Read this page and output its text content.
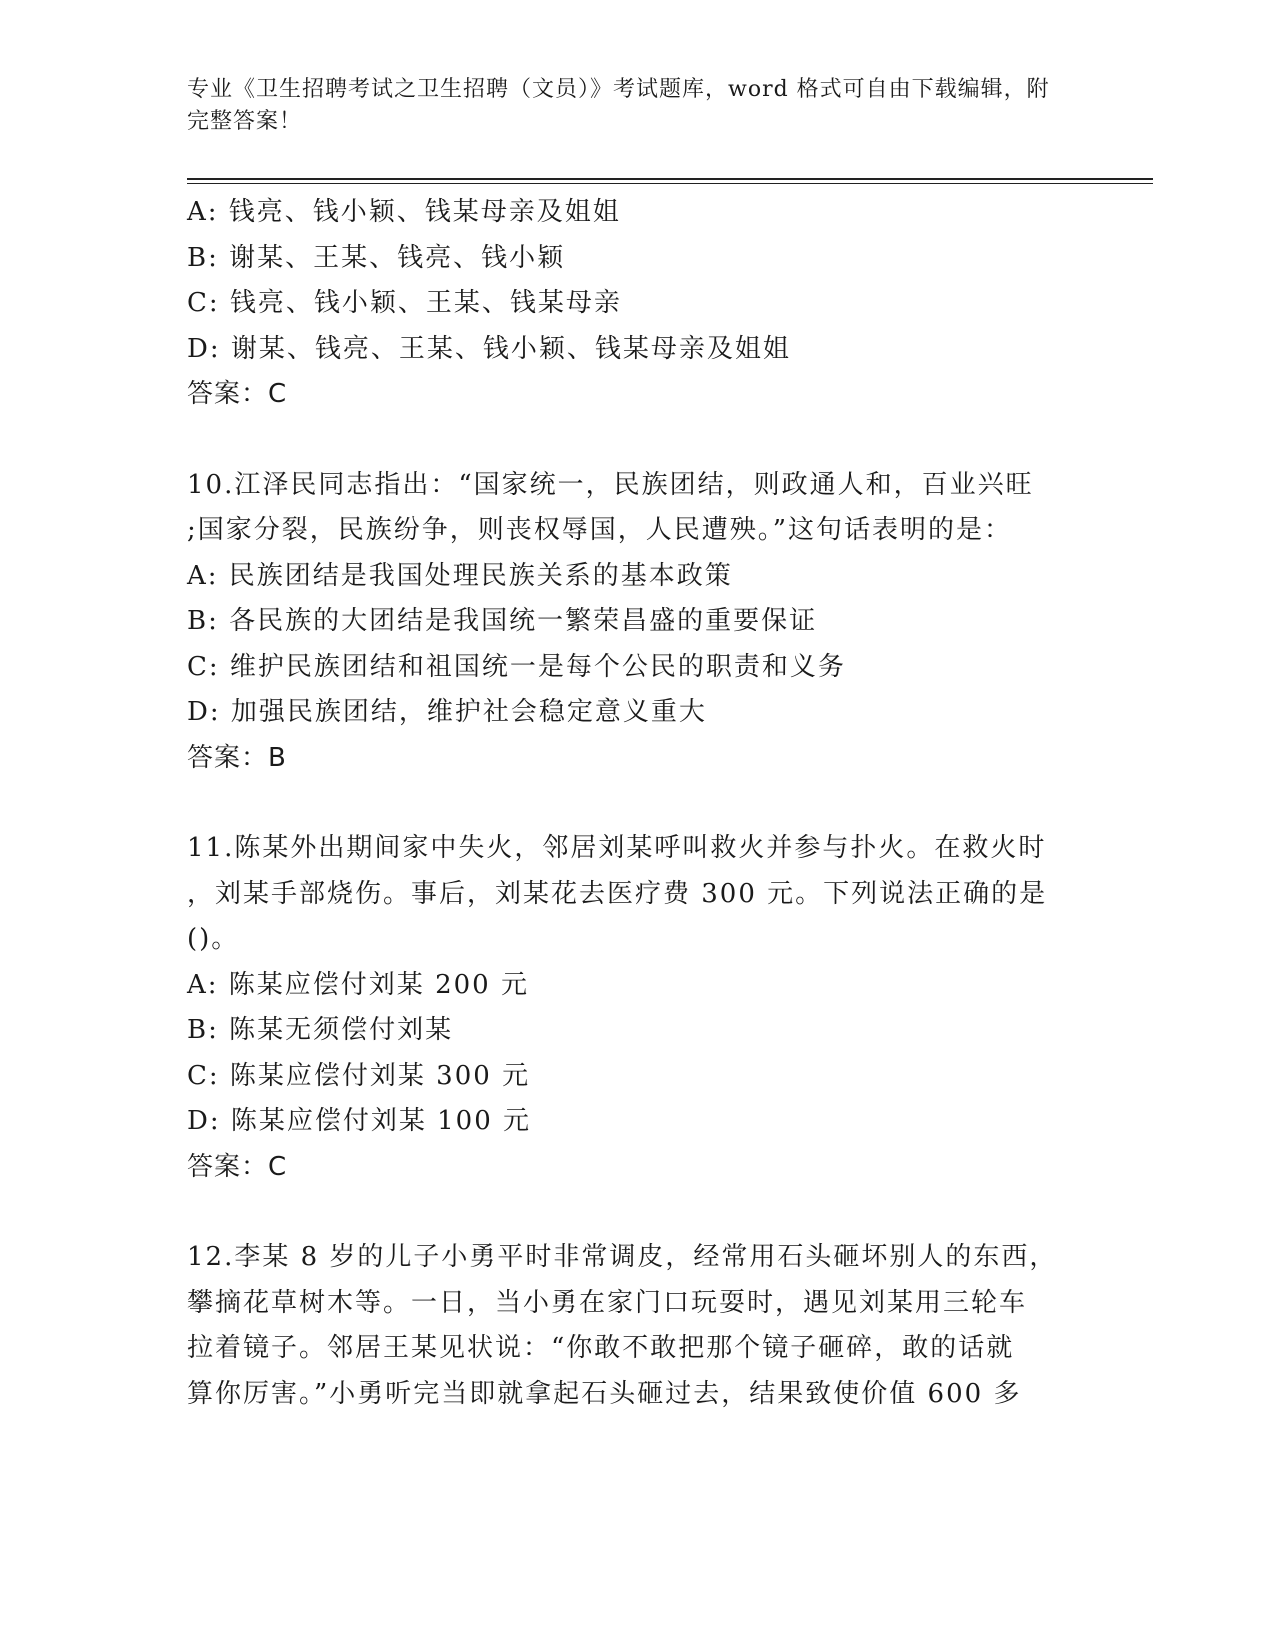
专业《卫生招聘考试之卫生招聘（文员）》考试题库，word 格式可自由下载编辑，附完整答案！
A: 钱亮、钱小颖、钱某母亲及姐姐
B: 谢某、王某、钱亮、钱小颖
C: 钱亮、钱小颖、王某、钱某母亲
D: 谢某、钱亮、王某、钱小颖、钱某母亲及姐姐
答案：C
10.江泽民同志指出：“国家统一，民族团结，则政通人和，百业兴旺
;国家分裂，民族纷争，则丧权辱国，人民遭殃。”这句话表明的是：
A: 民族团结是我国处理民族关系的基本政策
B: 各民族的大团结是我国统一繁荣昌盛的重要保证
C: 维护民族团结和祖国统一是每个公民的职责和义务
D: 加强民族团结，维护社会稳定意义重大
答案：B
11.陈某外出期间家中失火，邻居刘某呼叫救火并参与扑火。在救火时
，刘某手部烧伤。事后，刘某花去医疗费 300 元。下列说法正确的是
()。
A: 陈某应偿付刘某 200 元
B: 陈某无须偿付刘某
C: 陈某应偿付刘某 300 元
D: 陈某应偿付刘某 100 元
答案：C
12.李某 8 岁的儿子小勇平时非常调皮，经常用石头砸坏别人的东西，
攀摘花草树木等。一日，当小勇在家门口玩耍时，遇见刘某用三轮车
拉着镜子。邻居王某见状说：“你敢不敢把那个镜子砸碎，敢的话就
算你厉害。”小勇听完当即就拿起石头砸过去，结果致使价值 600 多
